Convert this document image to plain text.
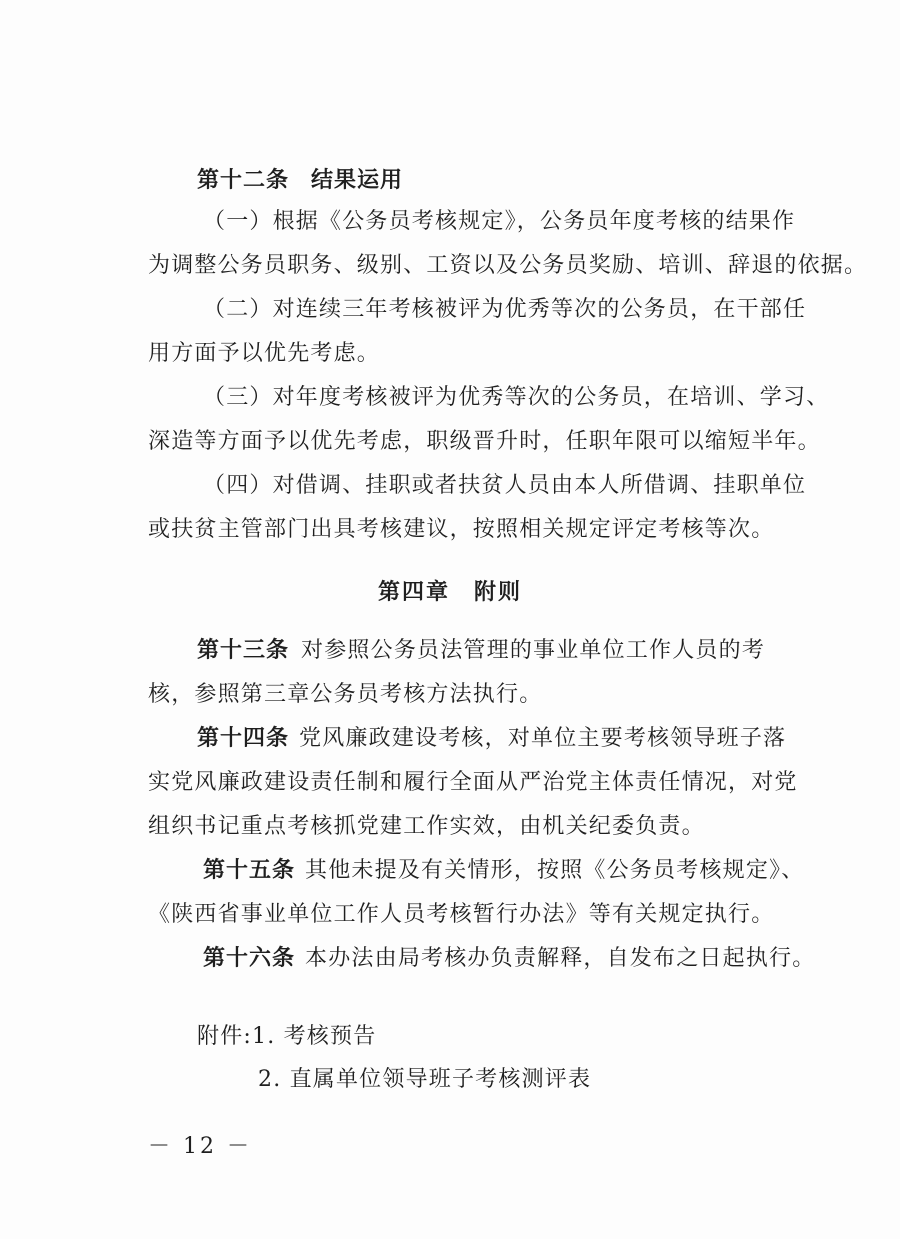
第十二条 结果运用
（一）根据《公务员考核规定》，公务员年度考核的结果作
为调整公务员职务、级别、工资以及公务员奖励、培训、辞退的依据。
（二）对连续三年考核被评为优秀等次的公务员，在干部任
用方面予以优先考虑。
（三）对年度考核被评为优秀等次的公务员，在培训、学习、
深造等方面予以优先考虑，职级晋升时，任职年限可以缩短半年。
（四）对借调、挂职或者扶贫人员由本人所借调、挂职单位
或扶贫主管部门出具考核建议，按照相关规定评定考核等次。
第四章　附则
第十三条 对参照公务员法管理的事业单位工作人员的考
核，参照第三章公务员考核方法执行。
第十四条 党风廉政建设考核，对单位主要考核领导班子落
实党风廉政建设责任制和履行全面从严治党主体责任情况，对党
组织书记重点考核抓党建工作实效，由机关纪委负责。
第十五条 其他未提及有关情形，按照《公务员考核规定》、
《陕西省事业单位工作人员考核暂行办法》等有关规定执行。
第十六条 本办法由局考核办负责解释，自发布之日起执行。
附件:1. 考核预告
2. 直属单位领导班子考核测评表
－ 12 －
